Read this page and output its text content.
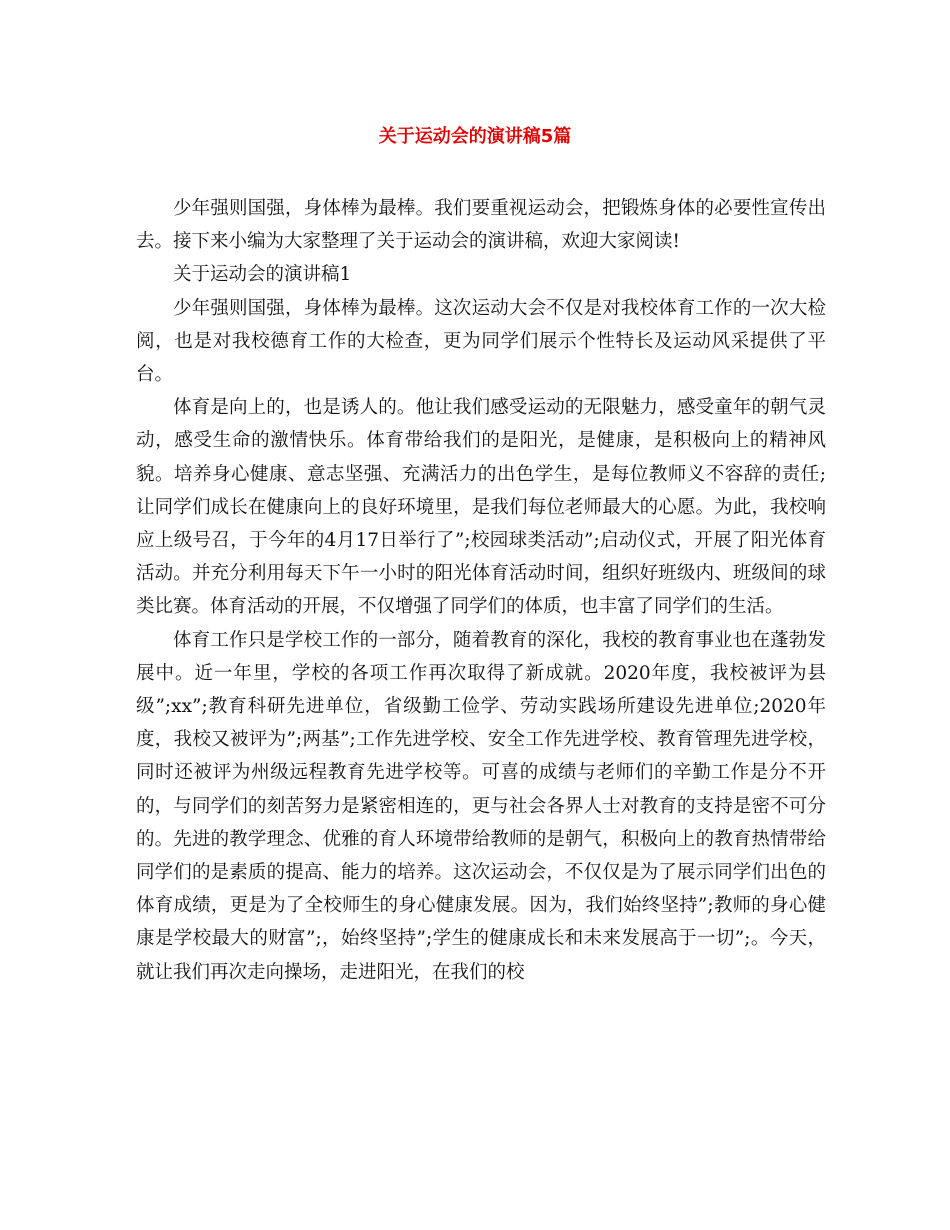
关于运动会的演讲稿5篇

少年强则国强，身体棒为最棒。我们要重视运动会，把锻炼身体的必要性宣传出去。接下来小编为大家整理了关于运动会的演讲稿，欢迎大家阅读!

关于运动会的演讲稿1

少年强则国强，身体棒为最棒。这次运动大会不仅是对我校体育工作的一次大检阅，也是对我校德育工作的大检查，更为同学们展示个性特长及运动风采提供了平台。

体育是向上的，也是诱人的。他让我们感受运动的无限魅力，感受童年的朝气灵动，感受生命的激情快乐。体育带给我们的是阳光，是健康，是积极向上的精神风貌。培养身心健康、意志坚强、充满活力的出色学生，是每位教师义不容辞的责任;让同学们成长在健康向上的良好环境里，是我们每位老师最大的心愿。为此，我校响应上级号召，于今年的4月17日举行了”;校园球类活动”;启动仪式，开展了阳光体育活动。并充分利用每天下午一小时的阳光体育活动时间，组织好班级内、班级间的球类比赛。体育活动的开展，不仅增强了同学们的体质，也丰富了同学们的生活。

体育工作只是学校工作的一部分，随着教育的深化，我校的教育事业也在蓬勃发展中。近一年里，学校的各项工作再次取得了新成就。2020年度，我校被评为县级”;xx”;教育科研先进单位，省级勤工俭学、劳动实践场所建设先进单位;2020年度，我校又被评为”;两基”;工作先进学校、安全工作先进学校、教育管理先进学校，同时还被评为州级远程教育先进学校等。可喜的成绩与老师们的辛勤工作是分不开的，与同学们的刻苦努力是紧密相连的，更与社会各界人士对教育的支持是密不可分的。先进的教学理念、优雅的育人环境带给教师的是朝气，积极向上的教育热情带给同学们的是素质的提高、能力的培养。这次运动会，不仅仅是为了展示同学们出色的体育成绩，更是为了全校师生的身心健康发展。因为，我们始终坚持”;教师的身心健康是学校最大的财富”;，始终坚持”;学生的健康成长和未来发展高于一切”;。今天，就让我们再次走向操场，走进阳光，在我们的校
